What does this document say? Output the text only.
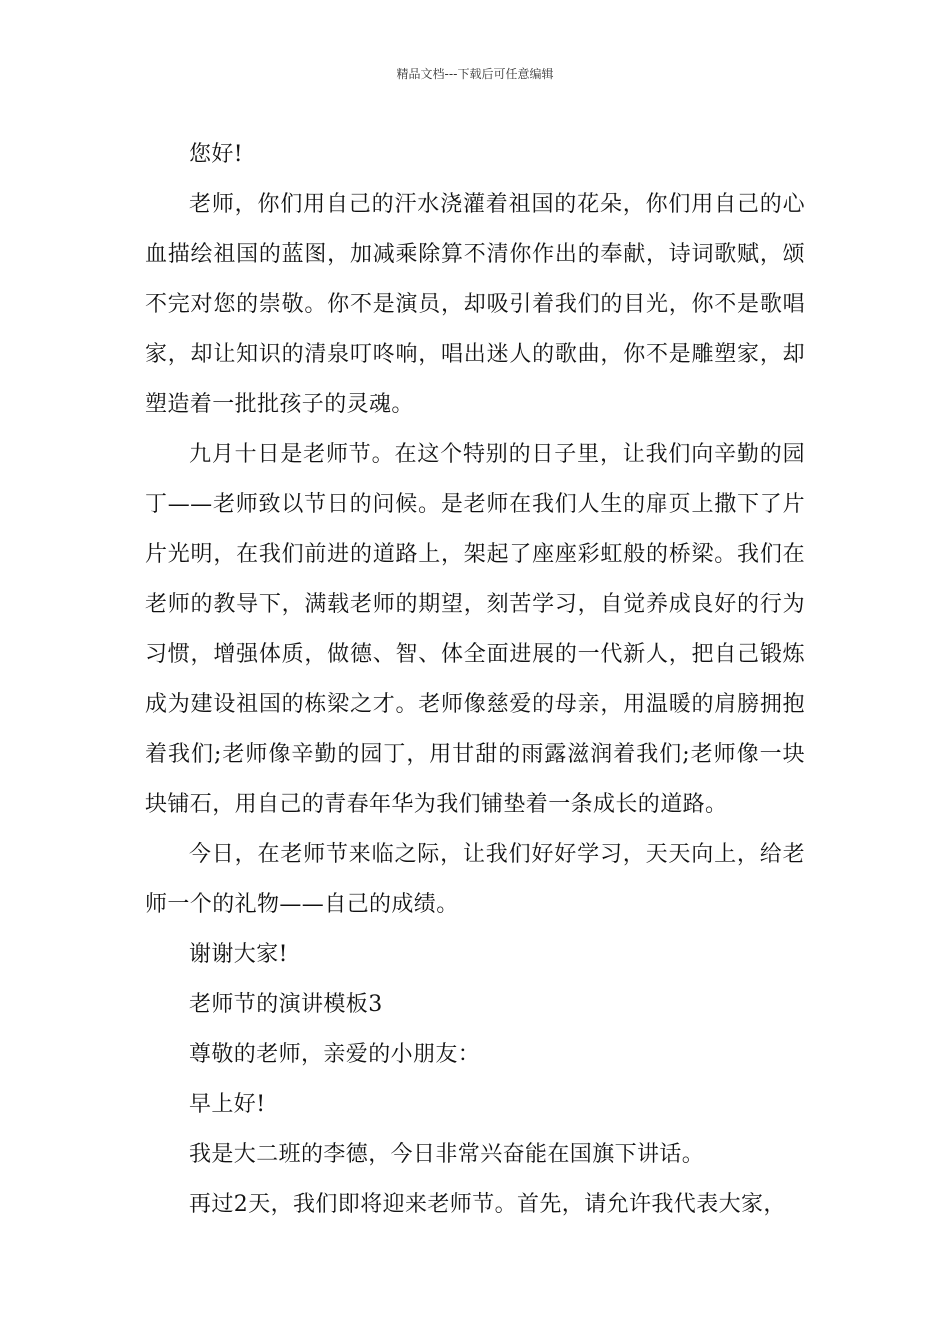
精品文档---下载后可任意编辑

您好!

老师，你们用自己的汗水浇灌着祖国的花朵，你们用自己的心血描绘祖国的蓝图，加减乘除算不清你作出的奉献，诗词歌赋，颂不完对您的崇敬。你不是演员，却吸引着我们的目光，你不是歌唱家，却让知识的清泉叮咚响，唱出迷人的歌曲，你不是雕塑家，却塑造着一批批孩子的灵魂。

九月十日是老师节。在这个特别的日子里，让我们向辛勤的园丁——老师致以节日的问候。是老师在我们人生的扉页上撒下了片片光明，在我们前进的道路上，架起了座座彩虹般的桥梁。我们在老师的教导下，满载老师的期望，刻苦学习，自觉养成良好的行为习惯，增强体质，做德、智、体全面进展的一代新人，把自己锻炼成为建设祖国的栋梁之才。老师像慈爱的母亲，用温暖的肩膀拥抱着我们;老师像辛勤的园丁，用甘甜的雨露滋润着我们;老师像一块块铺石，用自己的青春年华为我们铺垫着一条成长的道路。

今日，在老师节来临之际，让我们好好学习，天天向上，给老师一个的礼物——自己的成绩。

谢谢大家!

老师节的演讲模板3

尊敬的老师，亲爱的小朋友：

早上好!

我是大二班的李德，今日非常兴奋能在国旗下讲话。

再过2天，我们即将迎来老师节。首先，请允许我代表大家，
